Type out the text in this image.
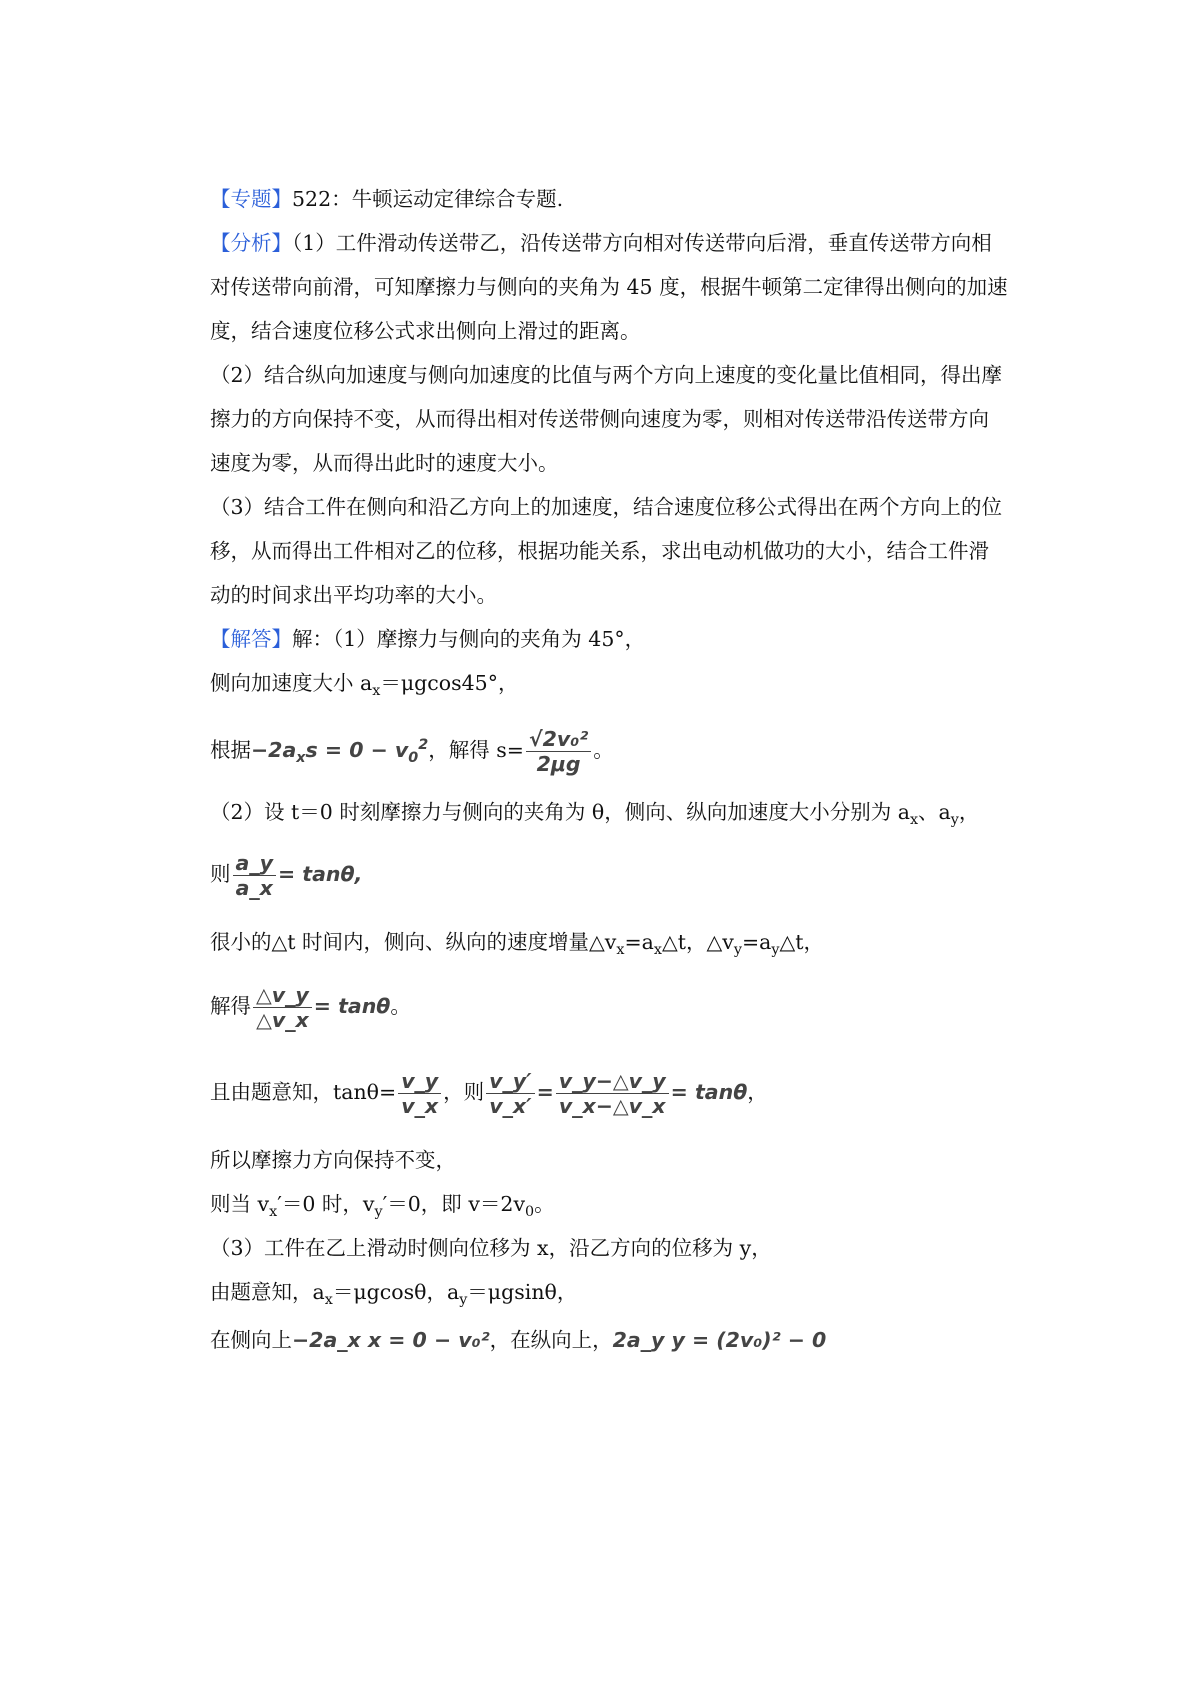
【专题】522：牛顿运动定律综合专题.
【分析】（1）工件滑动传送带乙，沿传送带方向相对传送带向后滑，垂直传送带方向相
对传送带向前滑，可知摩擦力与侧向的夹角为 45 度，根据牛顿第二定律得出侧向的加速
度，结合速度位移公式求出侧向上滑过的距离。
（2）结合纵向加速度与侧向加速度的比值与两个方向上速度的变化量比值相同，得出摩
擦力的方向保持不变，从而得出相对传送带侧向速度为零，则相对传送带沿传送带方向
速度为零，从而得出此时的速度大小。
（3）结合工件在侧向和沿乙方向上的加速度，结合速度位移公式得出在两个方向上的位
移，从而得出工件相对乙的位移，根据功能关系，求出电动机做功的大小，结合工件滑
动的时间求出平均功率的大小。
【解答】解：（1）摩擦力与侧向的夹角为 45°，
侧向加速度大小 $a_x=\mu gcos45^\circ$，
根据$-2a_xs = 0 - v_0^2$，解得 $s= \frac{\text{√2v₀²}}{2\mu g}$ 。
（2）设 t＝0 时刻摩擦力与侧向的夹角为 θ，侧向、纵向加速度大小分别为 $a_x$、$a_y$，
则 $\frac{a\_y}{a\_x} = \tan\theta$,
很小的△t 时间内，侧向、纵向的速度增量$\triangle v_x=a_x\triangle t$，$\triangle v_y=a_y\triangle t$，
解得 $\frac{\triangle v\_y}{\triangle v\_x} = \tan\theta$。
且由题意知，$\tan\theta= \frac{v\_y}{v\_x}$ ，则 $\frac{v\_y'}{v\_x'} = \frac{v\_y-\triangle v\_y}{v\_x-\triangle v\_x} = \tan\theta$，
所以摩擦力方向保持不变，
则当 $v_x'=0$ 时，$v_y'=0$，即 $v=2v_0$。
（3）工件在乙上滑动时侧向位移为 x，沿乙方向的位移为 y，
由题意知，$a_x=\mu gcos\theta$，$a_y=\mu gsin\theta$，
在侧向上−2a_x x = 0 − v₀²，在纵向上，2a_y y = (2v₀)² − 0
